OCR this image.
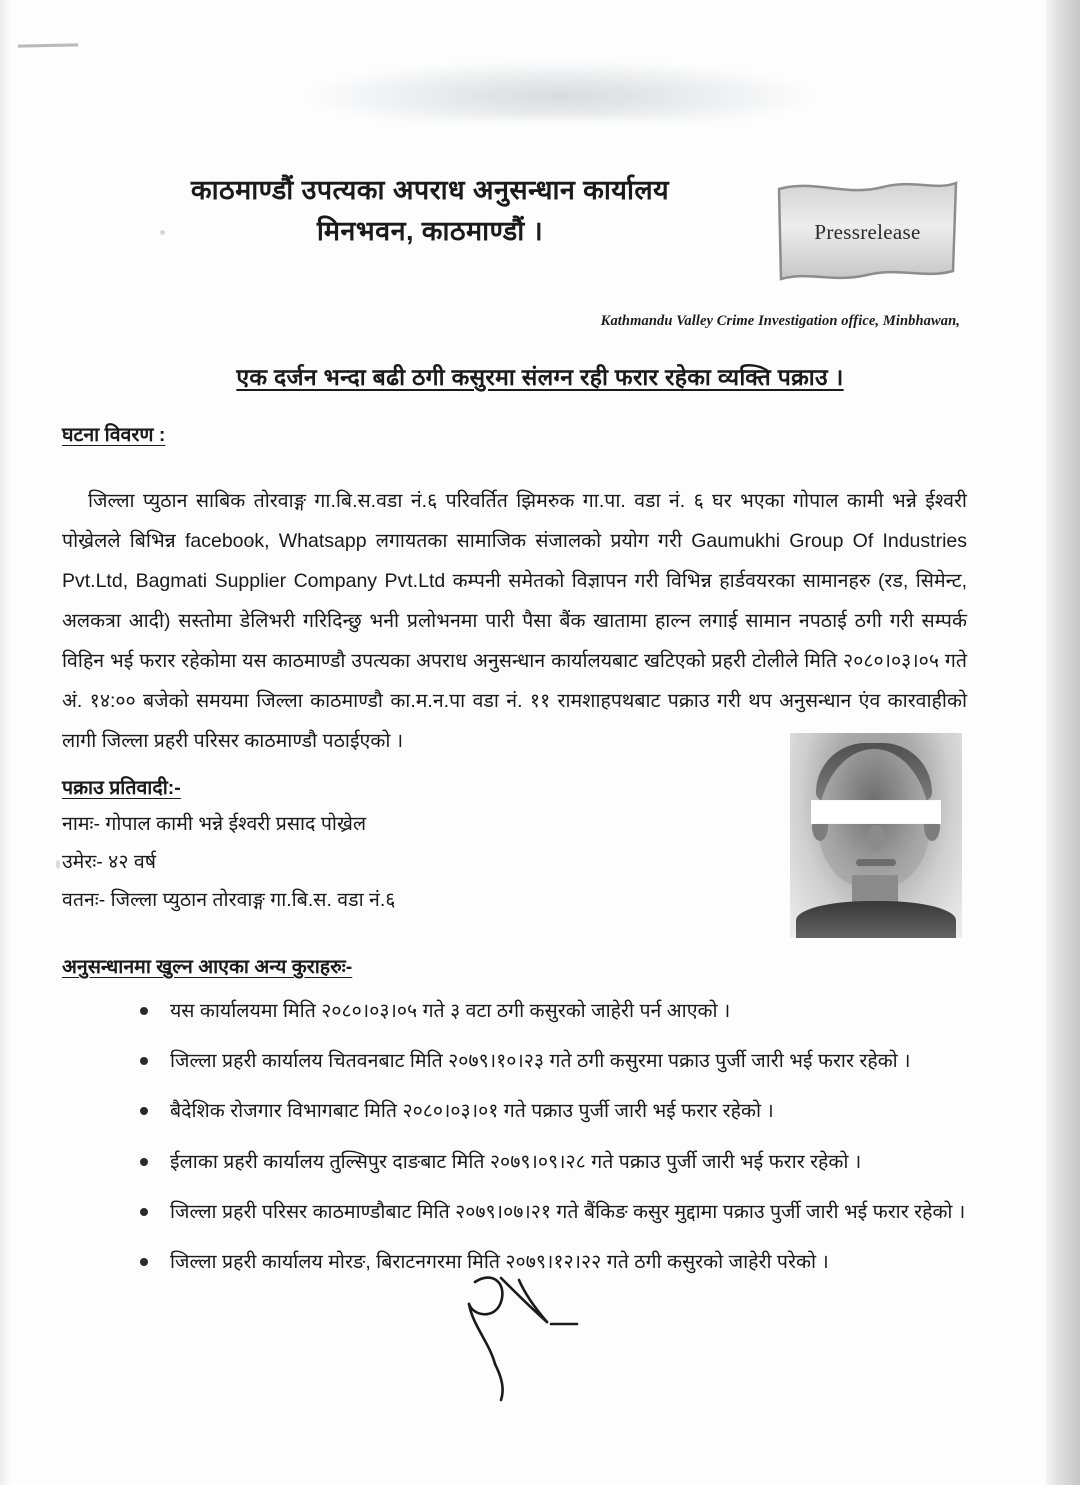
काठमाण्डौं उपत्यका अपराध अनुसन्धान कार्यालय
मिनभवन, काठमाण्डौं ।	Pressrelease
Kathmandu Valley Crime Investigation office, Minbhawan,
एक दर्जन भन्दा बढी ठगी कसुरमा संलग्न रही फरार रहेका व्यक्ति पक्राउ ।
घटना विवरण :
जिल्ला प्युठान साबिक तोरवाङ्ग गा.बि.स.वडा नं.६ परिवर्तित झिमरुक गा.पा. वडा नं. ६ घर भएका गोपाल कामी भन्ने ईश्वरी पोख्रेलले बिभिन्न facebook, Whatsapp लगायतका सामाजिक संजालको प्रयोग गरी Gaumukhi Group Of Industries Pvt.Ltd, Bagmati Supplier Company Pvt.Ltd कम्पनी समेतको विज्ञापन गरी विभिन्न हार्डवयरका सामानहरु (रड, सिमेन्ट, अलकत्रा आदी) सस्तोमा डेलिभरी गरिदिन्छु भनी प्रलोभनमा पारी पैसा बैंक खातामा हाल्न लगाई सामान नपठाई ठगी गरी सम्पर्क विहिन भई फरार रहेकोमा यस काठमाण्डौ उपत्यका अपराध अनुसन्धान कार्यालयबाट खटिएको प्रहरी टोलीले मिति २०८०।०३।०५ गते अं. १४:०० बजेको समयमा जिल्ला काठमाण्डौ का.म.न.पा वडा नं. ११ रामशाहपथबाट पक्राउ गरी थप अनुसन्धान एंव कारवाहीको लागी जिल्ला प्रहरी परिसर काठमाण्डौ पठाईएको ।
पक्राउ प्रतिवादी:-
नामः- गोपाल कामी भन्ने ईश्वरी प्रसाद पोख्रेल
उमेरः- ४२ वर्ष
वतनः- जिल्ला प्युठान तोरवाङ्ग गा.बि.स. वडा नं.६
अनुसन्धानमा खुल्न आएका अन्य कुराहरुः-
यस कार्यालयमा मिति २०८०।०३।०५ गते ३ वटा ठगी कसुरको जाहेरी पर्न आएको ।
जिल्ला प्रहरी कार्यालय चितवनबाट मिति २०७९।१०।२३ गते ठगी कसुरमा पक्राउ पुर्जी जारी भई फरार रहेको ।
बैदेशिक रोजगार विभागबाट मिति २०८०।०३।०१ गते पक्राउ पुर्जी जारी भई फरार रहेको ।
ईलाका प्रहरी कार्यालय तुल्सिपुर दाङबाट मिति २०७९।०९।२८ गते पक्राउ पुर्जी जारी भई फरार रहेको ।
जिल्ला प्रहरी परिसर काठमाण्डौबाट मिति २०७९।०७।२१ गते बैंकिङ कसुर मुद्दामा पक्राउ पुर्जी जारी भई फरार रहेको ।
जिल्ला प्रहरी कार्यालय मोरङ, बिराटनगरमा मिति २०७९।१२।२२ गते ठगी कसुरको जाहेरी परेको ।
